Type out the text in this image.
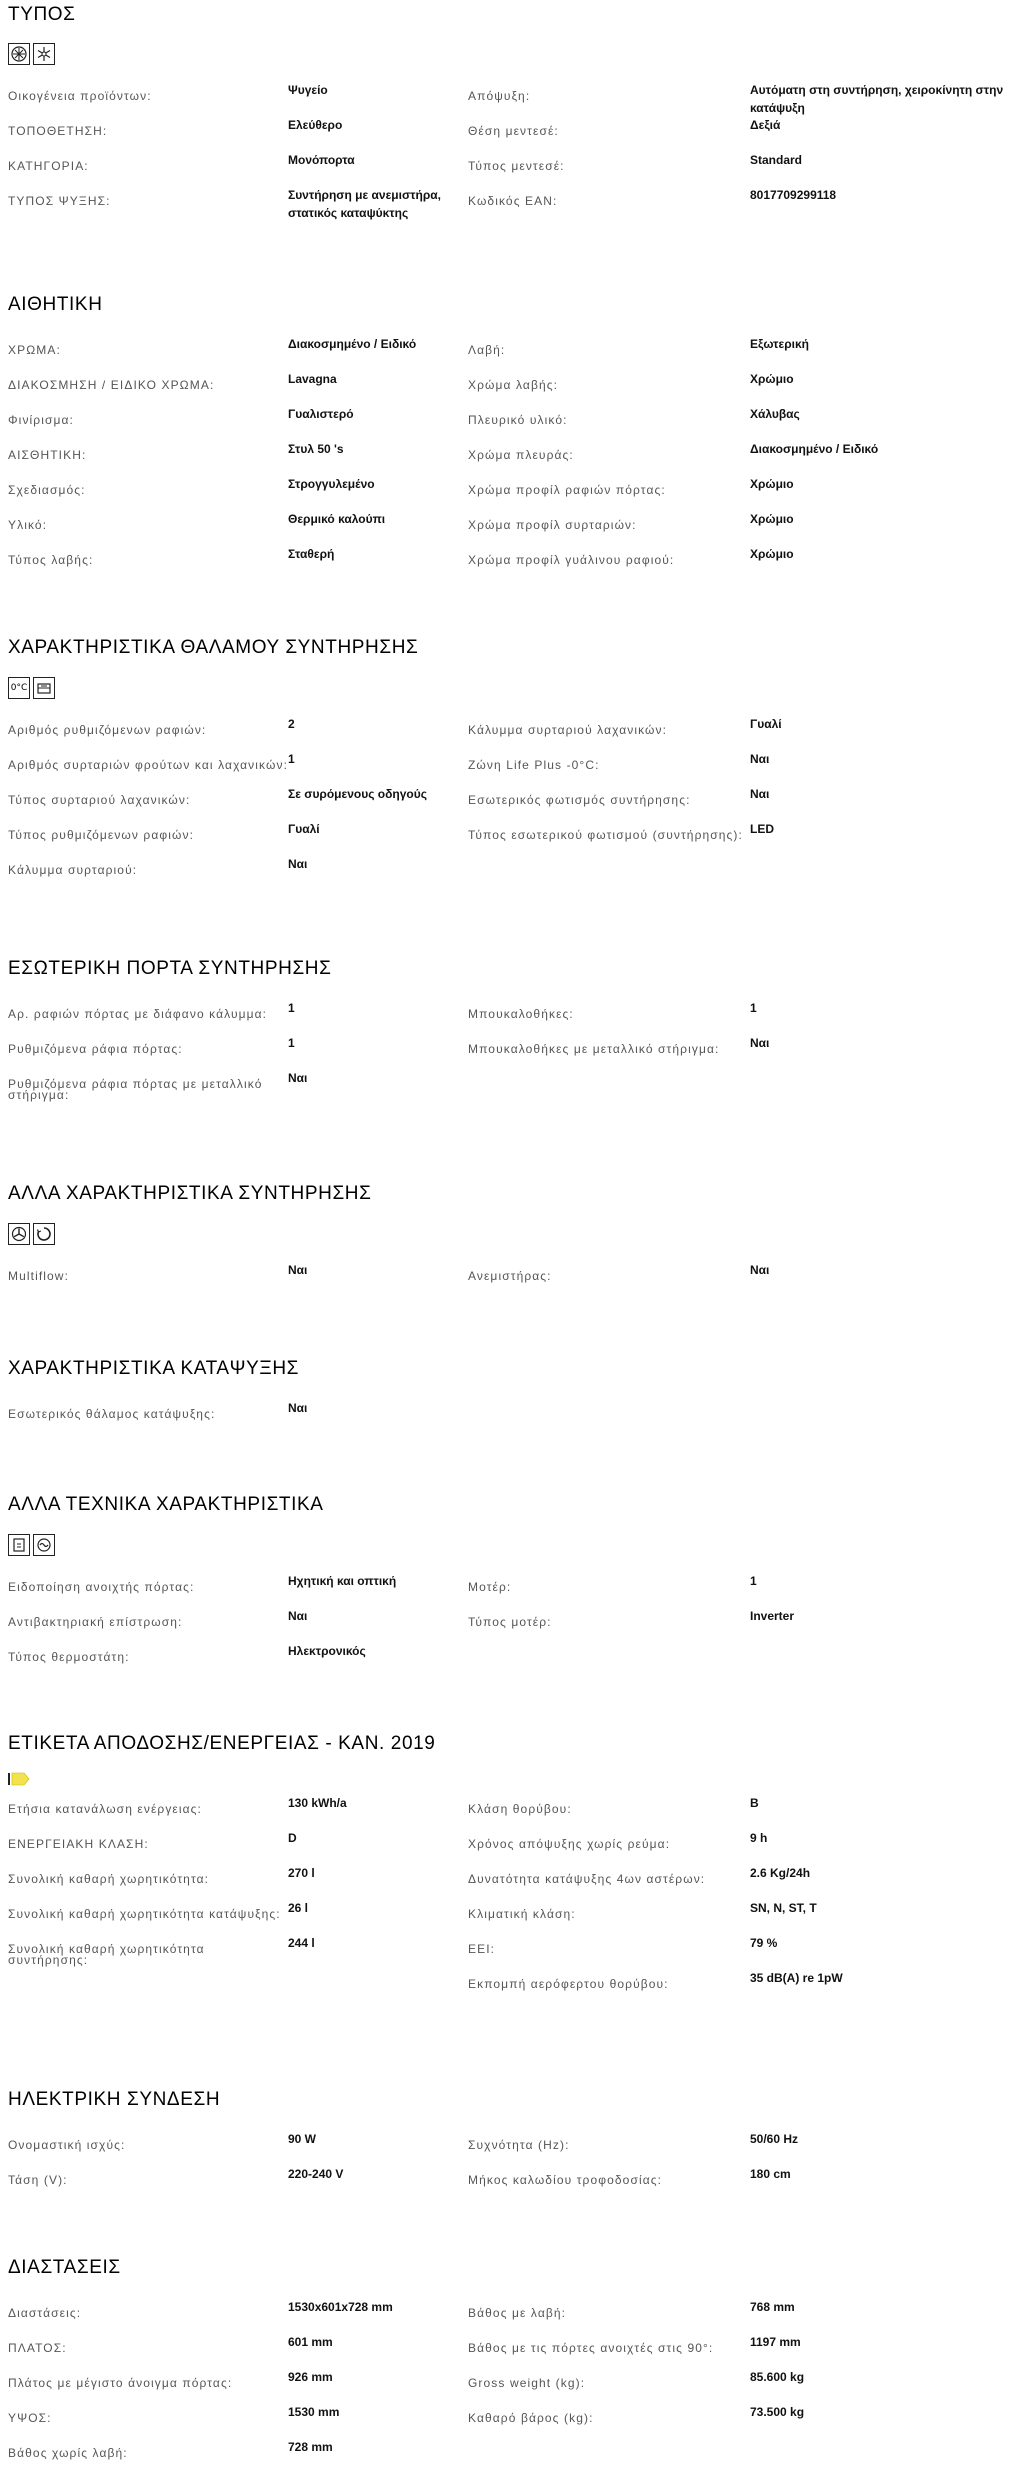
ΤΥΠΟΣ
Οικογένεια προϊόντων:	Ψυγείο
ΤΟΠΟΘΕΤΗΣΗ:	Ελεύθερο
ΚΑΤΗΓΟΡΙΑ:	Μονόπορτα
ΤΥΠΟΣ ΨΥΞΗΣ:	Συντήρηση με ανεμιστήρα, στατικός καταψύκτης
Απόψυξη:	Αυτόματη στη συντήρηση, χειροκίνητη στην κατάψυξη
Θέση μεντεσέ:	Δεξιά
Τύπος μεντεσέ:	Standard
Κωδικός ΕΑΝ:	8017709299118
ΑΙΘΗΤΙΚΗ
ΧΡΩΜΑ:	Διακοσμημένο / Ειδικό
ΔΙΑΚΟΣΜΗΣΗ / ΕΙΔΙΚΟ ΧΡΩΜΑ:	Lavagna
Φινίρισμα:	Γυαλιστερό
ΑΙΣΘΗΤΙΚΗ:	Στυλ 50 's
Σχεδιασμός:	Στρογγυλεμένο
Υλικό:	Θερμικό καλούπι
Τύπος λαβής:	Σταθερή
Λαβή:	Εξωτερική
Χρώμα λαβής:	Χρώμιο
Πλευρικό υλικό:	Χάλυβας
Χρώμα πλευράς:	Διακοσμημένο / Ειδικό
Χρώμα προφίλ ραφιών πόρτας:	Χρώμιο
Χρώμα προφίλ συρταριών:	Χρώμιο
Χρώμα προφίλ γυάλινου ραφιού:	Χρώμιο
ΧΑΡΑΚΤΗΡΙΣΤΙΚΑ ΘΑΛΑΜΟΥ ΣΥΝΤΗΡΗΣΗΣ
0°C
Αριθμός ρυθμιζόμενων ραφιών:	2
Αριθμός συρταριών φρούτων και λαχανικών: 1
Τύπος συρταριού λαχανικών:	Σε συρόμενους οδηγούς
Τύπος ρυθμιζόμενων ραφιών:	Γυαλί
Κάλυμμα συρταριού:	Ναι
Κάλυμμα συρταριού λαχανικών:	Γυαλί
Ζώνη Life Plus -0°C:	Ναι
Εσωτερικός φωτισμός συντήρησης:	Ναι
Τύπος εσωτερικού φωτισμού (συντήρησης): LED
ΕΣΩΤΕΡΙΚΗ ΠΟΡΤΑ ΣΥΝΤΗΡΗΣΗΣ
Αρ. ραφιών πόρτας με διάφανο κάλυμμα:	1
Ρυθμιζόμενα ράφια πόρτας:	1
Ρυθμιζόμενα ράφια πόρτας με μεταλλικό στήριγμα:
Ναι
Μπουκαλοθήκες:	1
Μπουκαλοθήκες με μεταλλικό στήριγμα:	Ναι
ΑΛΛΑ ΧΑΡΑΚΤΗΡΙΣΤΙΚΑ ΣΥΝΤΗΡΗΣΗΣ
Multiflow:	Ναι	Ανεμιστήρας:	Ναι
ΧΑΡΑΚΤΗΡΙΣΤΙΚΑ ΚΑΤΑΨΥΞΗΣ
Εσωτερικός θάλαμος κατάψυξης:	Ναι
ΑΛΛΑ ΤΕΧΝΙΚΑ ΧΑΡΑΚΤΗΡΙΣΤΙΚΑ
Ειδοποίηση ανοιχτής πόρτας:	Ηχητική και οπτική
Αντιβακτηριακή επίστρωση:	Ναι
Τύπος θερμοστάτη:	Ηλεκτρονικός
Μοτέρ:	1
Τύπος μοτέρ:	Inverter
ΕΤΙΚΕΤΑ ΑΠΟΔΟΣΗΣ/ΕΝΕΡΓΕΙΑΣ - ΚΑΝ. 2019
Ετήσια κατανάλωση ενέργειας:	130 kWh/a
ΕΝΕΡΓΕΙΑΚΗ ΚΛΑΣΗ:	D
Συνολική καθαρή χωρητικότητα:	270 l
Συνολική καθαρή χωρητικότητα κατάψυξης: 26 l
Συνολική καθαρή χωρητικότητα συντήρησης:
244 l
Κλάση θορύβου:	B
Χρόνος απόψυξης χωρίς ρεύμα:	9 h
Δυνατότητα κατάψυξης 4ων αστέρων:	2.6 Kg/24h
Κλιματική κλάση:	SN, N, ST, T
EEI:	79 %
Εκπομπή αερόφερτου θορύβου:	35 dB(A) re 1pW
ΗΛΕΚΤΡΙΚΗ ΣΥΝΔΕΣΗ
Ονομαστική ισχύς:	90 W
Τάση (V):	220-240 V
Συχνότητα (Hz):	50/60 Hz
Μήκος καλωδίου τροφοδοσίας:	180 cm
ΔΙΑΣΤΑΣΕΙΣ
Διαστάσεις:	1530x601x728 mm
ΠΛΑΤΟΣ:	601 mm
Πλάτος με μέγιστο άνοιγμα πόρτας:	926 mm
ΥΨΟΣ:	1530 mm
Βάθος χωρίς λαβή:	728 mm
Βάθος με λαβή:	768 mm
Βάθος με τις πόρτες ανοιχτές στις 90°:	1197 mm
Gross weight (kg):	85.600 kg
Καθαρό βάρος (kg):	73.500 kg
